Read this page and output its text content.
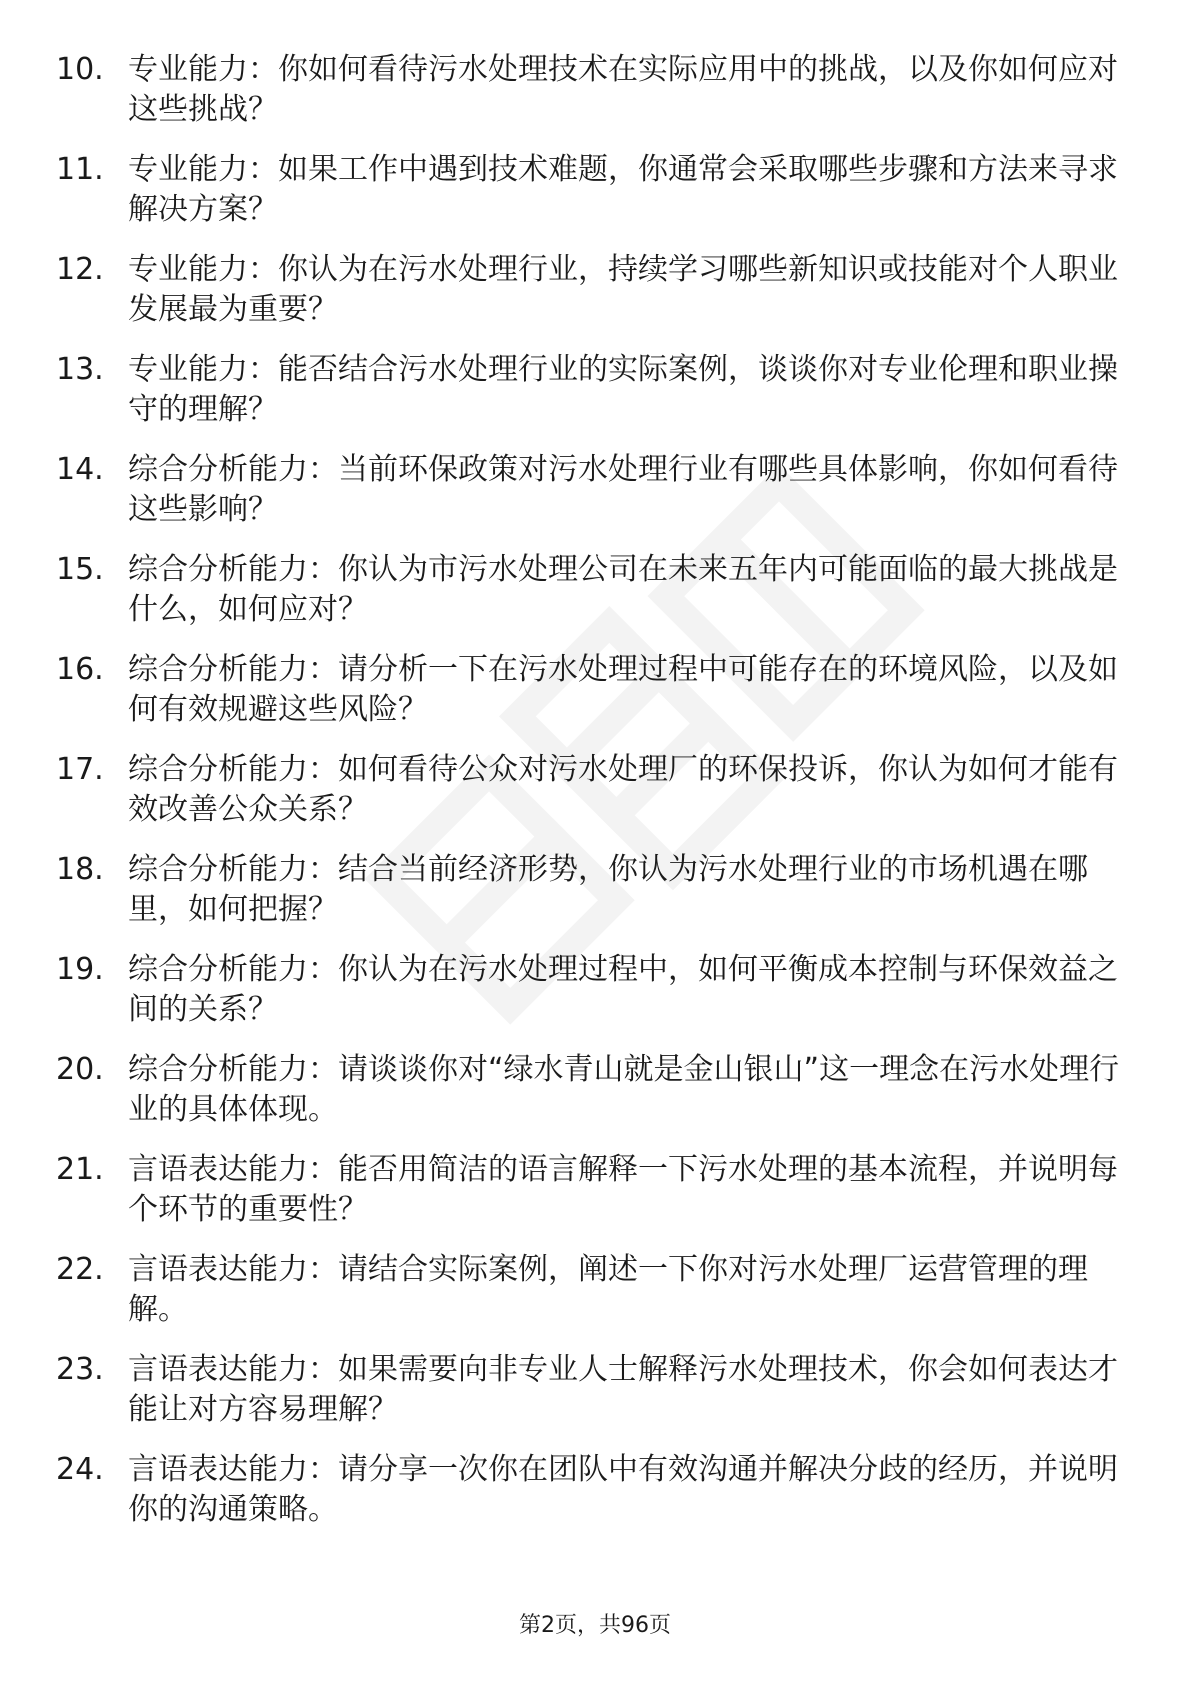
10. 专业能力：你如何看待污水处理技术在实际应用中的挑战，以及你如何应对这些挑战？
11. 专业能力：如果工作中遇到技术难题，你通常会采取哪些步骤和方法来寻求解决方案？
12. 专业能力：你认为在污水处理行业，持续学习哪些新知识或技能对个人职业发展最为重要？
13. 专业能力：能否结合污水处理行业的实际案例，谈谈你对专业伦理和职业操守的理解？
14. 综合分析能力：当前环保政策对污水处理行业有哪些具体影响，你如何看待这些影响？
15. 综合分析能力：你认为市污水处理公司在未来五年内可能面临的最大挑战是什么，如何应对？
16. 综合分析能力：请分析一下在污水处理过程中可能存在的环境风险，以及如何有效规避这些风险？
17. 综合分析能力：如何看待公众对污水处理厂的环保投诉，你认为如何才能有效改善公众关系？
18. 综合分析能力：结合当前经济形势，你认为污水处理行业的市场机遇在哪里，如何把握？
19. 综合分析能力：你认为在污水处理过程中，如何平衡成本控制与环保效益之间的关系？
20. 综合分析能力：请谈谈你对“绿水青山就是金山银山”这一理念在污水处理行业的具体体现。
21. 言语表达能力：能否用简洁的语言解释一下污水处理的基本流程，并说明每个环节的重要性？
22. 言语表达能力：请结合实际案例，阐述一下你对污水处理厂运营管理的理解。
23. 言语表达能力：如果需要向非专业人士解释污水处理技术，你会如何表达才能让对方容易理解？
24. 言语表达能力：请分享一次你在团队中有效沟通并解决分歧的经历，并说明你的沟通策略。
第2页，共96页
